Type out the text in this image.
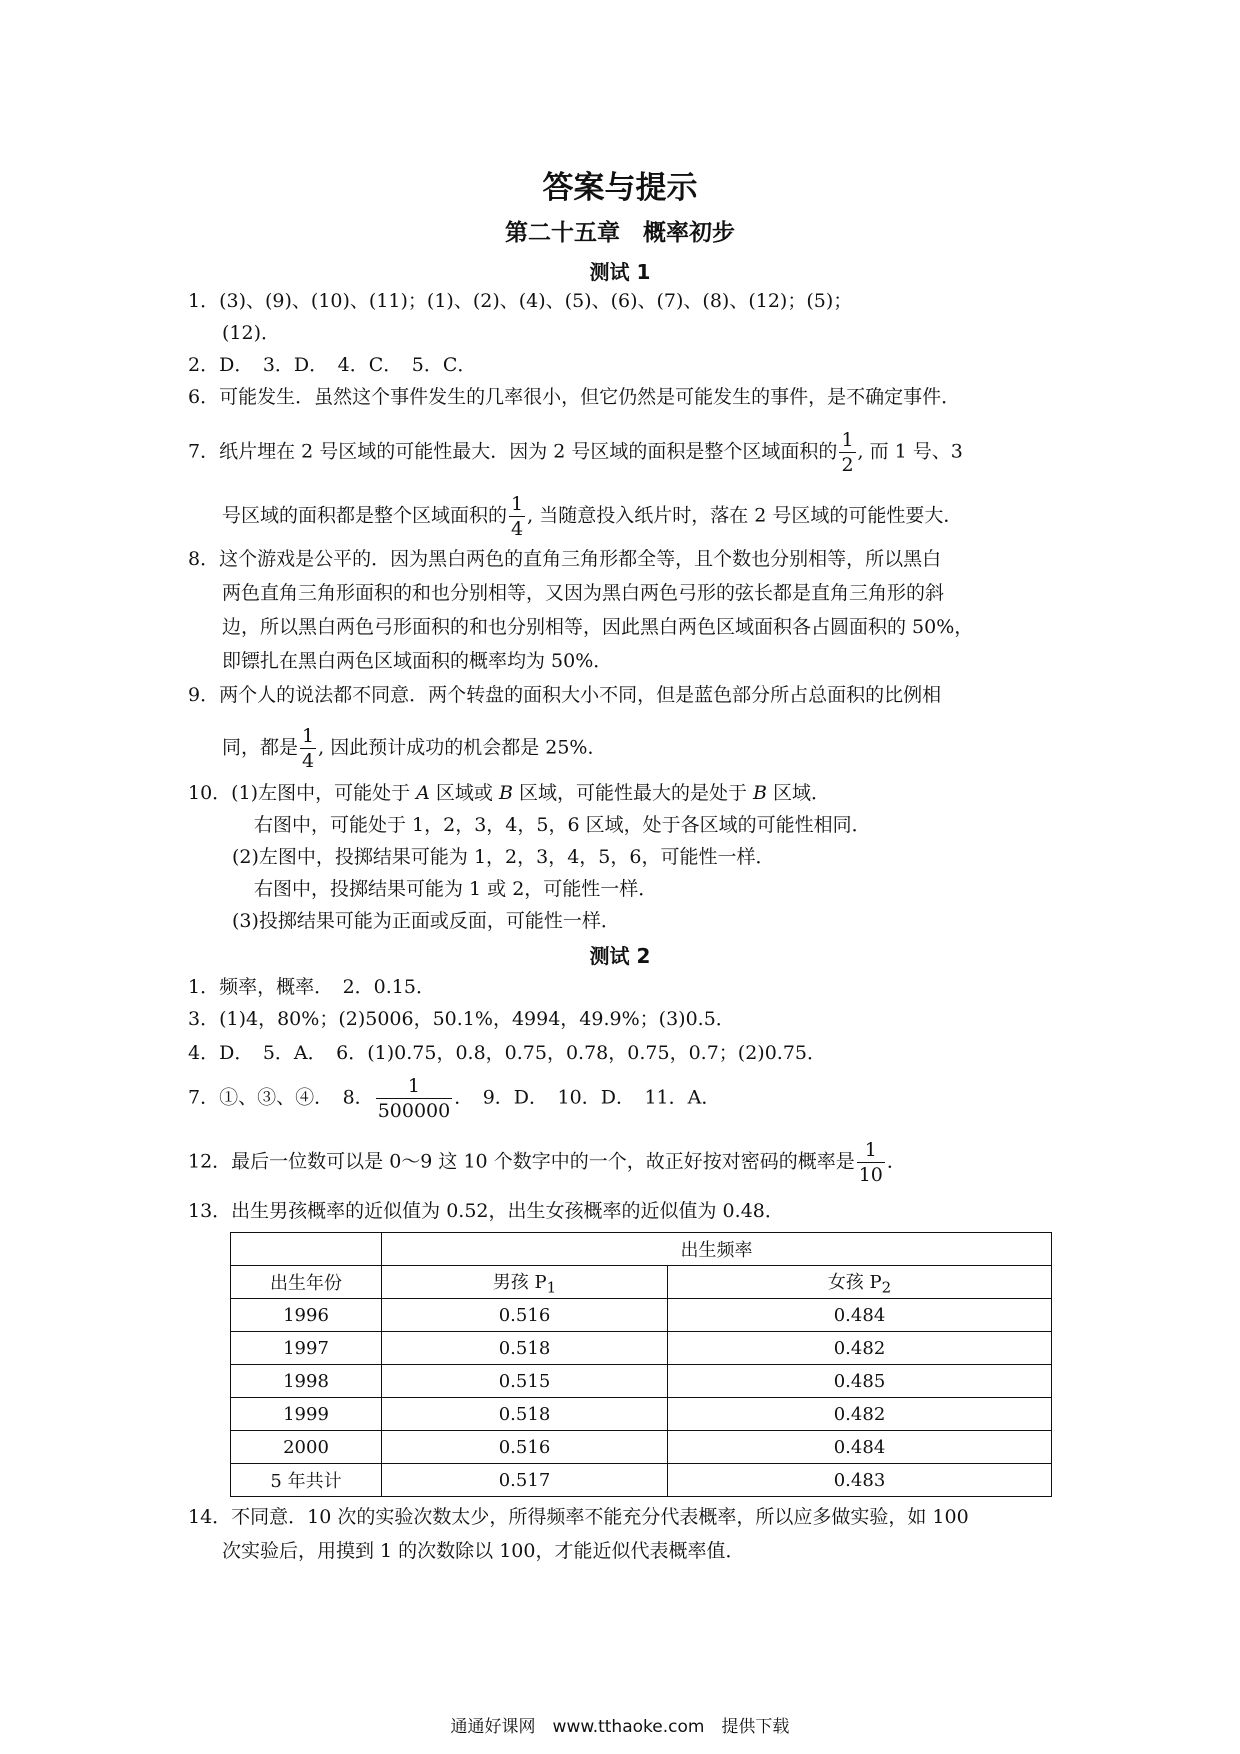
答案与提示
第二十五章　概率初步
测试 1
1．(3)、(9)、(10)、(11)；(1)、(2)、(4)、(5)、(6)、(7)、(8)、(12)；(5)；
(12)．
2．D．　3．D．　4．C．　5．C．
6．可能发生．虽然这个事件发生的几率很小，但它仍然是可能发生的事件，是不确定事件．
7．纸片埋在 2 号区域的可能性最大．因为 2 号区域的面积是整个区域面积的 $\frac{1}{2}$ , 而 1 号、3
号区域的面积都是整个区域面积的 $\frac{1}{4}$ , 当随意投入纸片时，落在 2 号区域的可能性要大．
8．这个游戏是公平的．因为黑白两色的直角三角形都全等，且个数也分别相等，所以黑白
两色直角三角形面积的和也分别相等，又因为黑白两色弓形的弦长都是直角三角形的斜
边，所以黑白两色弓形面积的和也分别相等，因此黑白两色区域面积各占圆面积的 50%，
即镖扎在黑白两色区域面积的概率均为 50%．
9．两个人的说法都不同意．两个转盘的面积大小不同，但是蓝色部分所占总面积的比例相
同，都是 $\frac{1}{4}$ , 因此预计成功的机会都是 25%．
10．(1)左图中，可能处于 A 区域或 B 区域，可能性最大的是处于 B 区域．
右图中，可能处于 1，2，3，4，5，6 区域，处于各区域的可能性相同．
(2)左图中，投掷结果可能为 1，2，3，4，5，6，可能性一样．
右图中，投掷结果可能为 1 或 2，可能性一样．
(3)投掷结果可能为正面或反面，可能性一样．
测试 2
1．频率，概率．　2．0.15．
3．(1)4，80%；(2)5006，50.1%，4994，49.9%；(3)0.5．
4．D．　5．A．　6．(1)0.75，0.8，0.75，0.78，0.75，0.7；(2)0.75．
7．①、③、④．　8． $\frac{1}{500000}$ ．　9．D．　10．D．　11．A．
12．最后一位数可以是 0～9 这 10 个数字中的一个，故正好按对密码的概率是 $\frac{1}{10}$ ．
13．出生男孩概率的近似值为 0.52，出生女孩概率的近似值为 0.48．
	出生频率	
出生年份	男孩 $P_1$	女孩 $P_2$
1996	0.516	0.484
1997	0.518	0.482
1998	0.515	0.485
1999	0.518	0.482
2000	0.516	0.484
5 年共计	0.517	0.483
14．不同意．10 次的实验次数太少，所得频率不能充分代表概率，所以应多做实验，如 100
次实验后，用摸到 1 的次数除以 100，才能近似代表概率值．
通通好课网　www.tthaoke.com　提供下载
